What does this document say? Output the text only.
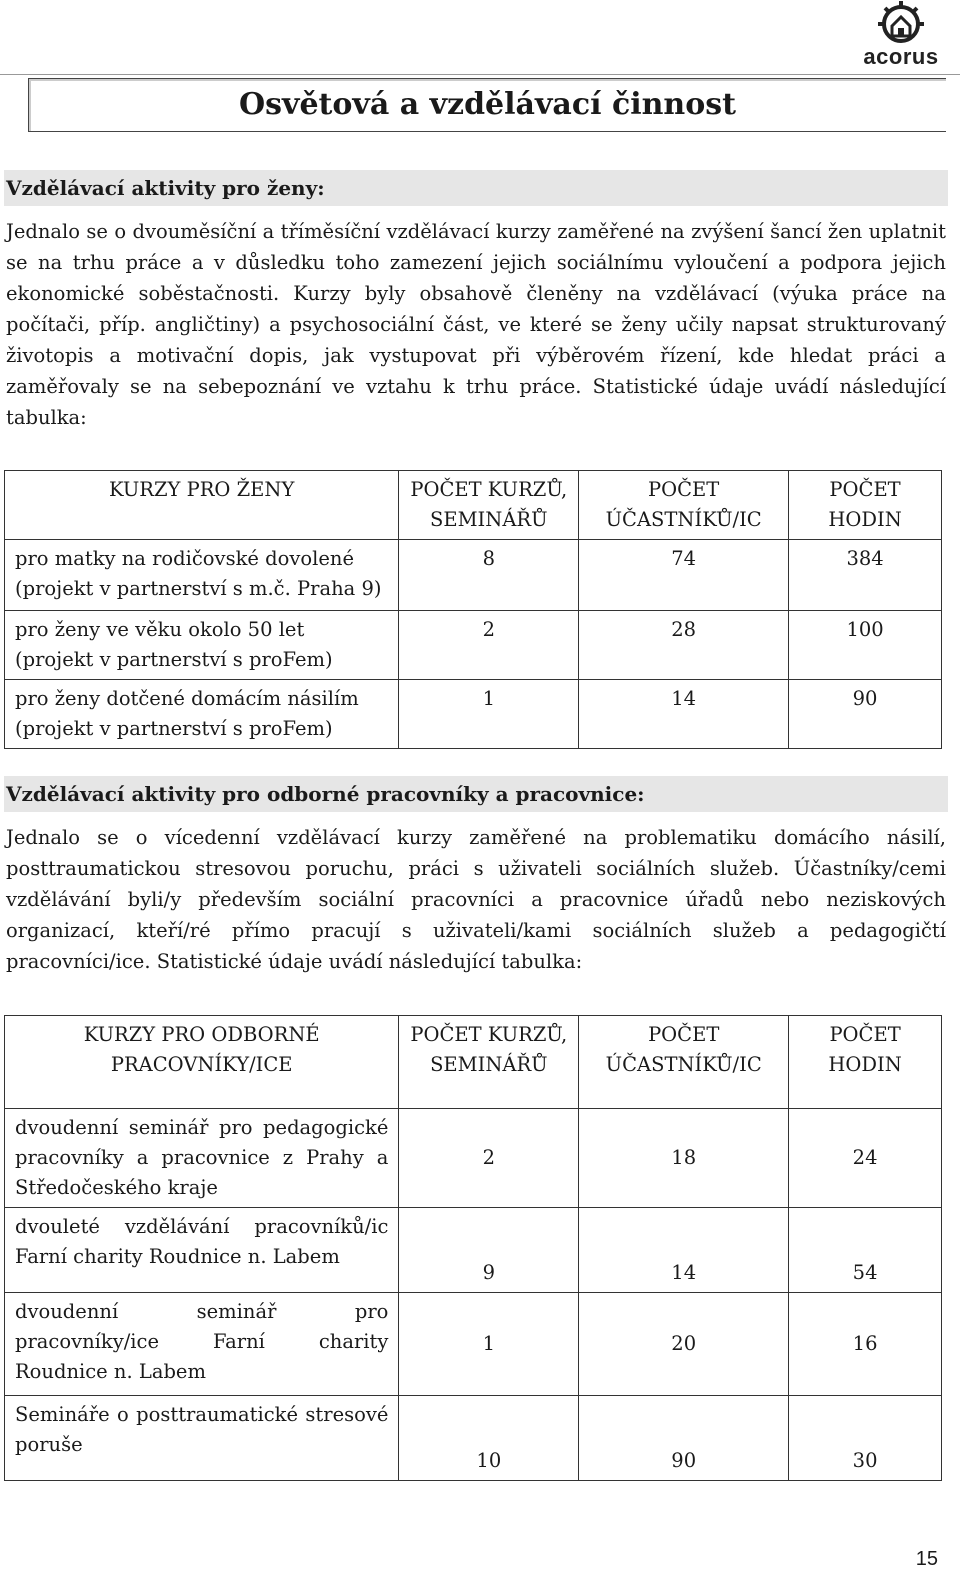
acorus
Osvětová a vzdělávací činnost
Vzdělávací aktivity pro ženy:
Jednalo se o dvouměsíční a tříměsíční vzdělávací kurzy zaměřené na zvýšení šancí žen uplatnit se na trhu práce a v důsledku toho zamezení jejich sociálnímu vyloučení a podpora jejich ekonomické soběstačnosti. Kurzy byly obsahově členěny na vzdělávací (výuka práce na počítači, příp. angličtiny) a psychosociální část, ve které se ženy učily napsat strukturovaný životopis a motivační dopis, jak vystupovat při výběrovém řízení, kde hledat práci a zaměřovaly se na sebepoznání ve vztahu k trhu práce. Statistické údaje uvádí následující tabulka:
KURZY PRO ŽENY	POČET KURZŮ, SEMINÁŘŮ	POČET ÚČASTNÍKŮ/IC	POČET HODIN
pro matky na rodičovské dovolené (projekt v partnerství s m.č. Praha 9)	8	74	384
pro ženy ve věku okolo 50 let (projekt v partnerství s proFem)	2	28	100
pro ženy dotčené domácím násilím (projekt v partnerství s proFem)	1	14	90
Vzdělávací aktivity pro odborné pracovníky a pracovnice:
Jednalo se o vícedenní vzdělávací kurzy zaměřené na problematiku domácího násilí, posttraumatickou stresovou poruchu, práci s uživateli sociálních služeb. Účastníky/cemi vzdělávání byli/y především sociální pracovníci a pracovnice úřadů nebo neziskových organizací, kteří/ré přímo pracují s uživateli/kami sociálních služeb a pedagogičtí pracovníci/ice. Statistické údaje uvádí následující tabulka:
KURZY PRO ODBORNÉ PRACOVNÍKY/ICE	POČET KURZŮ, SEMINÁŘŮ	POČET ÚČASTNÍKŮ/IC	POČET HODIN
dvoudenní seminář pro pedagogické pracovníky a pracovnice z Prahy a Středočeského kraje	2	18	24
dvouleté vzdělávání pracovníků/ic Farní charity Roudnice n. Labem	9	14	54
dvoudenní seminář pro pracovníky/ice Farní charity Roudnice n. Labem	1	20	16
Semináře o posttraumatické stresové poruše	10	90	30
15
